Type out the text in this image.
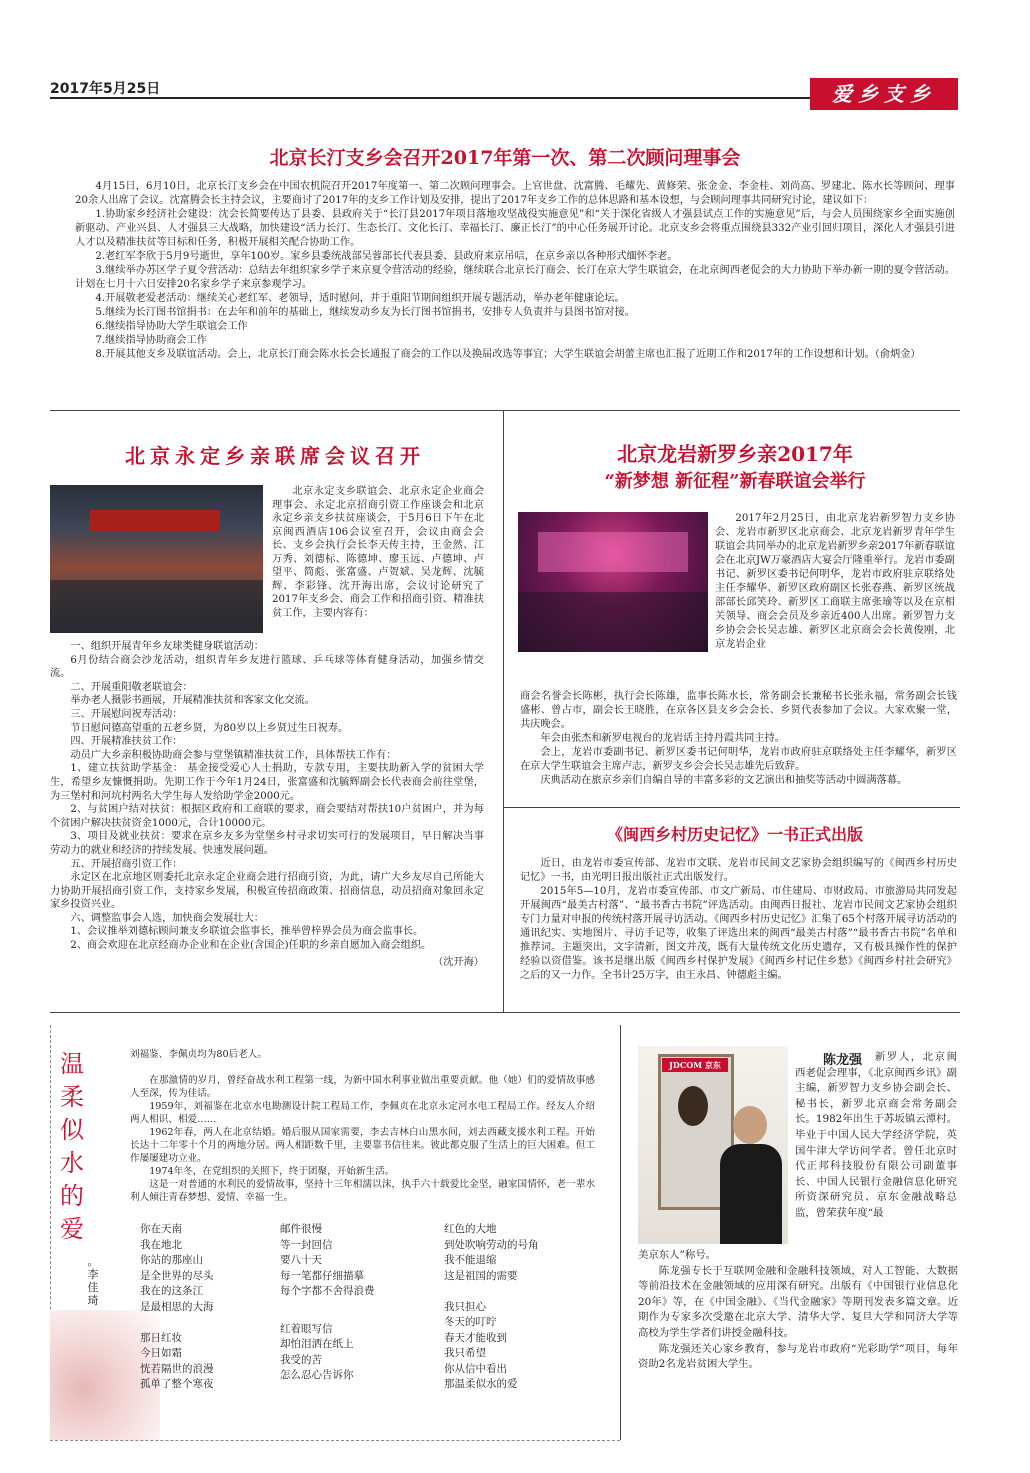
2017年5月25日	爱乡支乡
北京长汀支乡会召开2017年第一次、第二次顾问理事会

4月15日，6月10日，北京长汀支乡会在中国农机院召开2017年度第一、第二次顾问理事会。上官世盘、沈富腾、毛耀先、黄修荣、张金金、李金桂、刘尚高、罗建北、陈水长等顾问、理事20余人出席了会议。沈富腾会长主持会议，主要商讨了2017年的支乡工作计划及安排，提出了2017年支乡工作的总体思路和基本设想，与会顾问理事共同研究讨论，建议如下：

1.协助家乡经济社会建设：沈会长简要传达了县委、县政府关于“长汀县2017年项目落地攻坚战役实施意见”和“关于深化省级人才强县试点工作的实施意见”后，与会人员围绕家乡全面实施创新驱动、产业兴县、人才强县三大战略，加快建设“活力长汀、生态长汀、文化长汀、幸福长汀、廉正长汀”的中心任务展开讨论。北京支乡会将重点围绕县332产业引回归项目，深化人才强县引进人才以及精准扶贫等目标和任务，积极开展相关配合协助工作。

2.老红军李欣于5月9号逝世，享年100岁。家乡县委统战部吴蓉部长代表县委、县政府来京吊唁，在京乡亲以各种形式缅怀李老。

3.继续举办苏区学子夏令营活动：总结去年组织家乡学子来京夏令营活动的经验，继续联合北京长汀商会、长汀在京大学生联谊会，在北京闽西老促会的大力协助下举办新一期的夏令营活动。计划在七月十六日安排20名家乡学子来京参观学习。

4.开展敬老爱老活动：继续关心老红军、老领导，适时慰问，并于重阳节期间组织开展专题活动，举办老年健康论坛。

5.继续为长汀图书馆捐书：在去年和前年的基础上，继续发动乡友为长汀图书馆捐书，安排专人负责并与县图书馆对接。

6.继续指导协助大学生联谊会工作

7.继续指导协助商会工作

8.开展其他支乡及联谊活动。会上，北京长汀商会陈水长会长通报了商会的工作以及换届改选等事宜；大学生联谊会胡蕾主席也汇报了近期工作和2017年的工作设想和计划。（俞炳金）

北京永定乡亲联席会议召开

北京永定支乡联谊会、北京永定企业商会理事会、永定北京招商引资工作座谈会和北京永定乡亲支乡扶贫座谈会，于5月6日下午在北京闽西酒店106会议室召开，会议由商会会长、支乡会执行会长李天传主持，王金然、江万秀、刘德标、陈德坤、廖玉远、卢德坤、卢望平、简彪、张富盛、卢贺斌、吴龙辉、沈毓辉、李彩锋、沈开海出席，会议讨论研究了2017年支乡会、商会工作和招商引资、精准扶贫工作，主要内容有：

一、组织开展青年乡友球类健身联谊活动：

6月份结合商会沙龙活动，组织青年乡友进行篮球、乒乓球等体育健身活动，加强乡情交流。

二、开展重阳敬老联谊会：

举办老人摄影书画展，开展精准扶贫和客家文化交流。

三、开展慰问祝寿活动：

节日慰问德高望重的五老乡贤，为80岁以上乡贤过生日祝寿。

四、开展精准扶贫工作：

动员广大乡亲积极协助商会参与堂堡镇精准扶贫工作，具体帮扶工作有：

1、建立扶贫助学基金： 基金接受爱心人士捐助，专款专用，主要扶助新入学的贫困大学生，希望乡友慷慨捐助。先期工作于今年1月24日，张富盛和沈毓辉副会长代表商会前往堂堡，为三堡村和河坑村两名大学生每人发给助学金2000元。

2、与贫困户结对扶贫：根据区政府和工商联的要求，商会要结对帮扶10户贫困户，并为每个贫困户解决扶贫资金1000元，合计10000元。

3、项目及就业扶贫：要求在京乡友多为堂堡乡村寻求切实可行的发展项目，早日解决当事劳动力的就业和经济的持续发展、快速发展问题。

五、开展招商引资工作：

永定区在北京地区则委托北京永定企业商会进行招商引资，为此，请广大乡友尽自己所能大力协助开展招商引资工作，支持家乡发展，积极宣传招商政策、招商信息，动员招商对象回永定家乡投资兴业。

六、调整监事会人选，加快商会发展壮大：

1、会议推举刘德标顾问兼支乡联谊会监事长，推举曾梓界会员为商会监事长。

2、商会欢迎在北京经商办企业和在企业(含国企)任职的乡亲自愿加入商会组织。

（沈开海）

北京龙岩新罗乡亲2017年
“新梦想 新征程”新春联谊会举行

2017年2月25日，由北京龙岩新罗智力支乡协会、龙岩市新罗区北京商会、北京龙岩新罗青年学生联谊会共同举办的北京龙岩新罗乡亲2017年新春联谊会在北京JW万豪酒店大宴会厅隆重举行。龙岩市委副书记、新罗区委书记何明华，龙岩市政府驻京联络处主任李耀华、新罗区政府副区长张春燕、新罗区统战部部长邱笑玲、新罗区工商联主席张瑜等以及在京相关领导、商会会员及乡亲近400人出席。新罗智力支乡协会会长吴志雄、新罗区北京商会会长黄俊刚，北京龙岩企业

商会名誉会长陈彬，执行会长陈雄，监事长陈水长，常务副会长兼秘书长张永福，常务副会长钱盛彬、曾占市，副会长王晓胜，在京各区县支乡会会长、乡贤代表参加了会议。大家欢聚一堂，共庆晚会。

年会由张杰和新罗电视台的龙岩话主持丹霞共同主持。

会上，龙岩市委副书记、新罗区委书记何明华，龙岩市政府驻京联络处主任李耀华，新罗区在京大学生联谊会主席卢志，新罗支乡会会长吴志雄先后致辞。

庆典活动在旅京乡亲们自编自导的丰富多彩的文艺演出和抽奖等活动中圆满落幕。

《闽西乡村历史记忆》一书正式出版

近日，由龙岩市委宣传部、龙岩市文联、龙岩市民间文艺家协会组织编写的《闽西乡村历史记忆》一书，由光明日报出版社正式出版发行。

2015年5—10月，龙岩市委宣传部、市文广新局、市住建局、市财政局、市旅游局共同发起开展闽西“最美古村落”、“最书香古书院”评选活动。由闽西日报社、龙岩市民间文艺家协会组织专门力量对申报的传统村落开展寻访活动。《闽西乡村历史记忆》汇集了65个村落开展寻访活动的通讯纪实、实地图片、寻访手记等，收集了评选出来的闽西“最美古村落”“最书香古书院”名单和推荐词。主题突出，文字清新，图文并茂，既有大量传统文化历史遗存，又有极具操作性的保护经验以资借鉴。该书是继出版《闽西乡村保护发展》《闽西乡村记住乡愁》《闽西乡村社会研究》之后的又一力作。全书计25万字，由王永昌、钟德彪主编。

温
柔
似
水
的
爱
。
李
佳
琦

刘福鉴、李佩贞均为80后老人。

在那激情的岁月，曾经奋战水利工程第一线，为新中国水利事业做出重要贡献。他（她）们的爱情故事感人至深，传为佳话。

1959年，刘福鉴在北京水电勘测设计院工程局工作，李佩贞在北京永定河水电工程局工作。经友人介绍两人相识、相爱……

1962年春，两人在北京结婚。婚后服从国家需要，李去吉林白山黑水间，刘去西藏支援水利工程。开始长达十二年零十个月的两地分居。两人相距数千里，主要靠书信往来。彼此都克服了生活上的巨大困难。但工作屡屡建功立业。

1974年冬，在党组织的关照下，终于团聚，开始新生活。

这是一对普通的水利民的爱情故事，坚持十三年相濡以沫，执手六十载爱比金坚，融家国情怀，老一辈水利人倾注青春梦想、爱情、幸福一生。

你在天南
我在地北
你站的那座山
是全世界的尽头
我在的这条江
是最相思的大海
那日红妆
今日如霜
恍若隔世的浪漫
孤单了整个寒夜
邮件很慢
等一封回信
要八十天
每一笔都仔细描摹
每个字都不舍得浪费
红着眼写信
却怕泪洒在纸上
我受的苦
怎么忍心告诉你
红色的大地
到处吹响劳动的号角
我不能退缩
这是祖国的需要
我只担心
冬天的叮咛
春天才能收到
我只希望
你从信中看出
那温柔似水的爱
JDCOM 京东	陈龙强	新罗人，北京闽西老促会理事，《北京闽西乡讯》副主编，新罗智力支乡协会副会长、秘书长，新罗北京商会常务副会长。1982年出生于苏坂镇云潭村。毕业于中国人民大学经济学院，英国牛津大学访问学者。曾任北京时代正邦科技股份有限公司副董事长、中国人民银行金融信息化研究所资深研究员、京东金融战略总监，曾荣获年度“最

美京东人”称号。

陈龙强专长于互联网金融和金融科技领域，对人工智能、大数据等前沿技术在金融领域的应用深有研究。出版有《中国银行业信息化20年》等，在《中国金融》、《当代金融家》等期刊发表多篇文章。近期作为专家多次受邀在北京大学、清华大学、复旦大学和同济大学等高校为学生学者们讲授金融科技。

陈龙强还关心家乡教育，参与龙岩市政府“光彩助学”项目，每年资助2名龙岩贫困大学生。
